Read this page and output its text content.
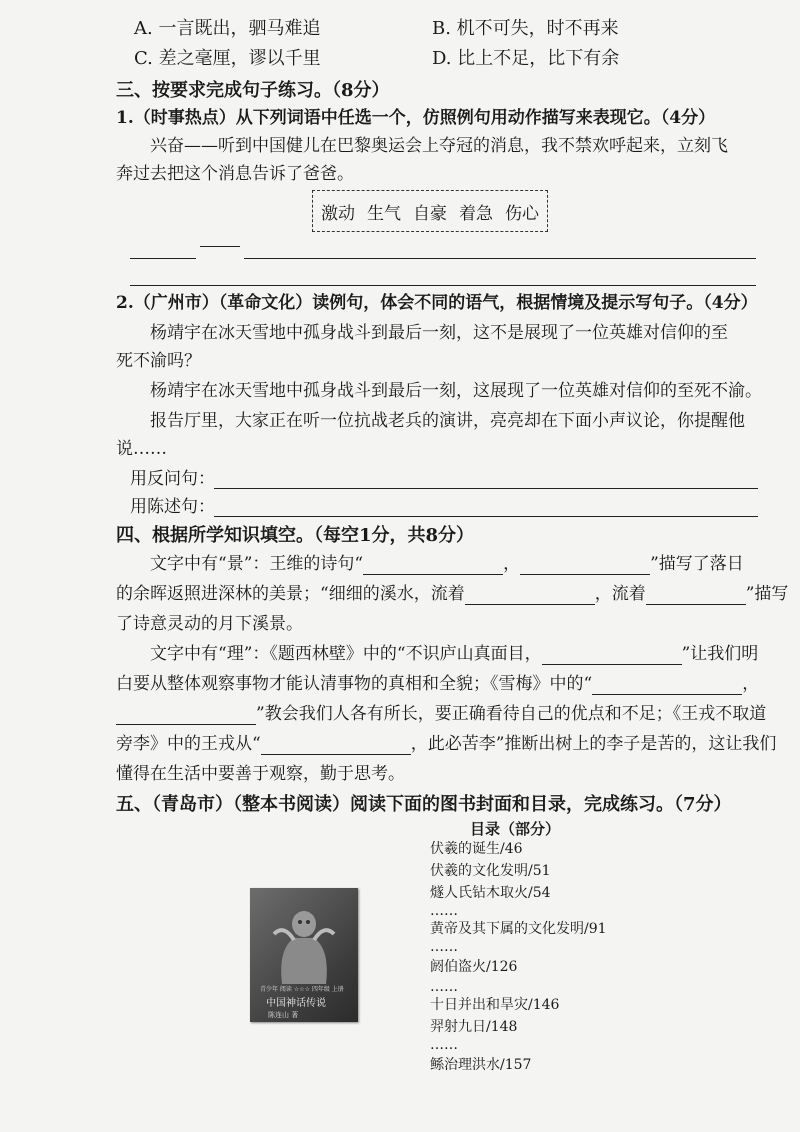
A. 一言既出，驷马难追	B. 机不可失，时不再来
C. 差之毫厘，谬以千里	D. 比上不足，比下有余
三、按要求完成句子练习。（8分）
1.（时事热点）从下列词语中任选一个，仿照例句用动作描写来表现它。（4分）
兴奋——听到中国健儿在巴黎奥运会上夺冠的消息，我不禁欢呼起来，立刻飞
奔过去把这个消息告诉了爸爸。
激动 生气 自豪 着急 伤心
2.（广州市）（革命文化）读例句，体会不同的语气，根据情境及提示写句子。（4分）
杨靖宇在冰天雪地中孤身战斗到最后一刻，这不是展现了一位英雄对信仰的至
死不渝吗？
杨靖宇在冰天雪地中孤身战斗到最后一刻，这展现了一位英雄对信仰的至死不渝。
报告厅里，大家正在听一位抗战老兵的演讲，亮亮却在下面小声议论，你提醒他
说……
用反问句：
用陈述句：
四、根据所学知识填空。（每空1分，共8分）
文字中有“景”：王维的诗句“	，	”描写了落日
的余晖返照进深林的美景；“细细的溪水，流着	，流着	”描写
了诗意灵动的月下溪景。
文字中有“理”：《题西林壁》中的“不识庐山真面目，	”让我们明
白要从整体观察事物才能认清事物的真相和全貌；《雪梅》中的“	，
”教会我们人各有所长，要正确看待自己的优点和不足；《王戎不取道
旁李》中的王戎从“	，此必苦李”推断出树上的李子是苦的，这让我们
懂得在生活中要善于观察，勤于思考。
五、（青岛市）（整本书阅读）阅读下面的图书封面和目录，完成练习。（7分）
青少年 阅读 ☆☆☆ 四年级 上册
中国神话传说
陈连山 著
目录（部分）
伏羲的诞生/46
伏羲的文化发明/51
燧人氏钻木取火/54
……
黄帝及其下属的文化发明/91
……
阏伯盗火/126
……
十日并出和旱灾/146
羿射九日/148
……
鲧治理洪水/157
